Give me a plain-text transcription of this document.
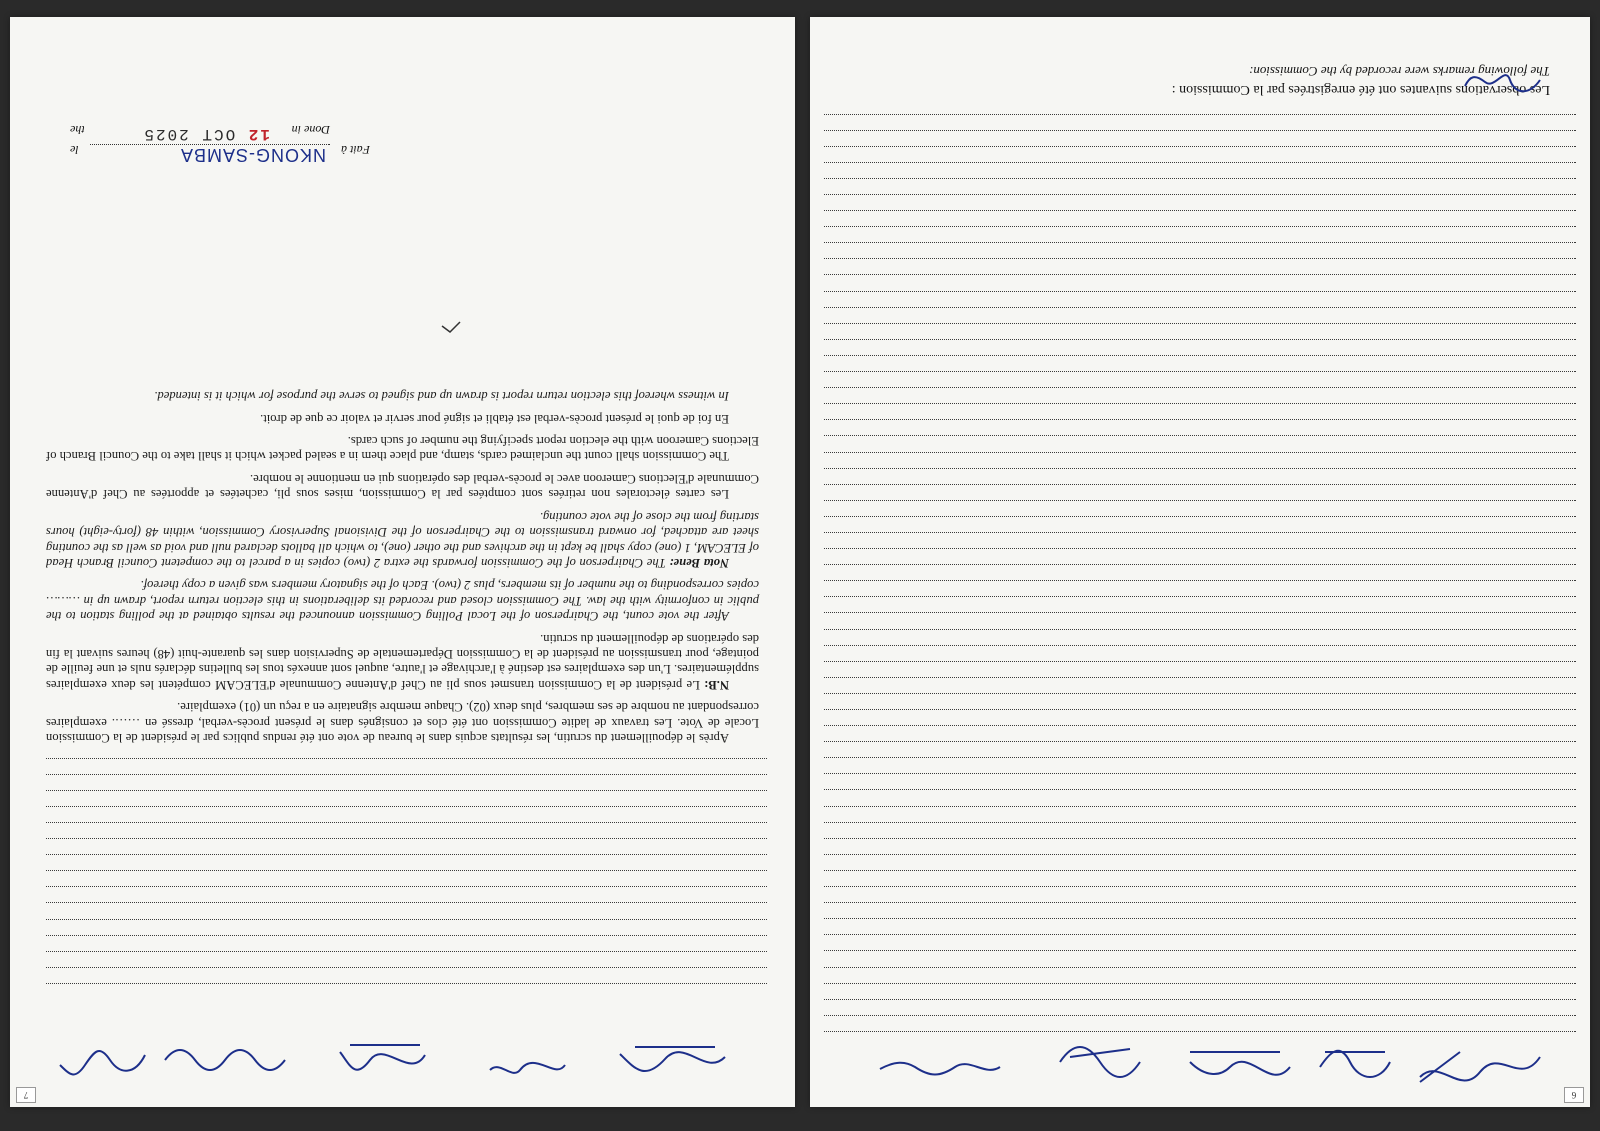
6
Les observations suivantes ont été enregistrées par la Commission :
The following remarks were recorded by the Commission:
7

Après le dépouillement du scrutin, les résultats acquis dans le bureau de vote ont été rendus publics par le président de la Commission Locale de Vote. Les travaux de ladite Commission ont été clos et consignés dans le présent procès-verbal, dressé en ……. exemplaires correspondant au nombre de ses membres, plus deux (02). Chaque membre signataire en a reçu un (01) exemplaire.

N.B: Le président de la Commission transmet sous pli au Chef d'Antenne Communale d'ELECAM compétent les deux exemplaires supplémentaires. L'un des exemplaires est destiné à l'archivage et l'autre, auquel sont annexés tous les bulletins déclarés nuls et une feuille de pointage, pour transmission au président de la Commission Départementale de Supervision dans les quarante-huit (48) heures suivant la fin des opérations de dépouillement du scrutin.

After the vote count, the Chairperson of the Local Polling Commission announced the results obtained at the polling station to the public in conformity with the law. The Commission closed and recorded its deliberations in this election return report, drawn up in ……… copies corresponding to the number of its members, plus 2 (two). Each of the signatory members was given a copy thereof.

Nota Bene: The Chairperson of the Commission forwards the extra 2 (two) copies in a parcel to the competent Council Branch Head of ELECAM, 1 (one) copy shall be kept in the archives and the other (one), to which all ballots declared null and void as well as the counting sheet are attached, for onward transmission to the Chairperson of the Divisional Supervisory Commission, within 48 (forty-eight) hours starting from the close of the vote counting.

Les cartes électorales non retirées sont comptées par la Commission, mises sous pli, cachetées et apportées au Chef d'Antenne Communale d'Elections Cameroon avec le procès-verbal des opérations qui en mentionne le nombre.

The Commission shall count the unclaimed cards, stamp, and place them in a sealed packet which it shall take to the Council Branch of Elections Cameroon with the election report specifying the number of such cards.

En foi de quoi le présent procès-verbal est établi et signé pour servir et valoir ce que de droit.

In witness whereof this election return report is drawn up and signed to serve the purpose for which it is intended.

Fait à
NKONG-SAMBA
le
Done in
the	12 OCT 2025
